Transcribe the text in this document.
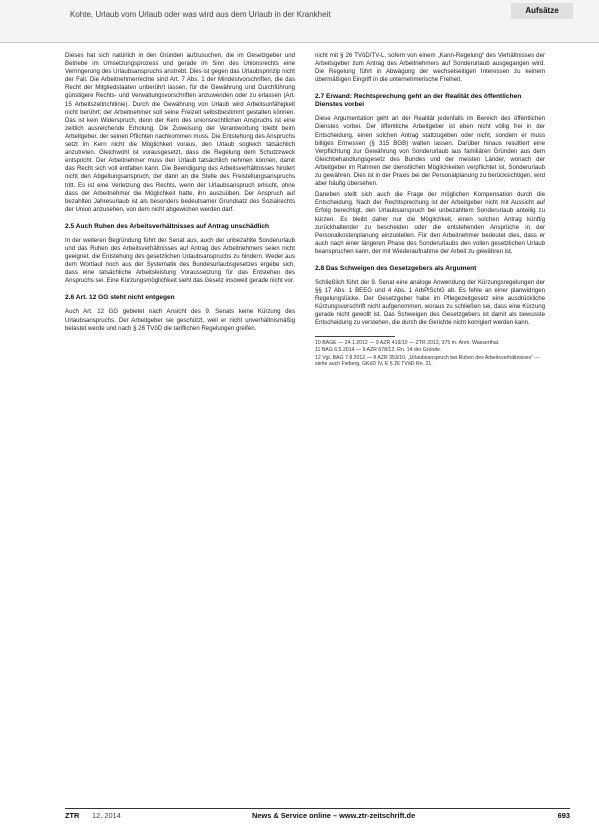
Kohte, Urlaub vom Urlaub oder was wird aus dem Urlaub in der Krankheit	Aufsätze

Dieses hat sich natürlich in den Gründen aufzusuchen, die im Gesetzgeber und Betriebe im Umsetzungsprozess und gerade im Sinn des Unionsrechts eine Verringerung des Urlaubsanspruchs anstrebt. Dies ist gegen das Urlaubsprinzip nicht der Fall. Die Arbeitnehmerrechte sind Art. 7 Abs. 1 der Mindestvorschriften, die das Recht der Mitgliedstaaten unberührt lassen, für die Gewährung und Durchführung günstigere Rechts- und Verwaltungsvorschriften anzuwenden oder zu erlassen (Art. 15 Arbeitszeitrichtlinie). Durch die Gewährung von Urlaub wird Arbeitsunfähigkeit nicht berührt; der Arbeitnehmer soll seine Freizeit selbstbestimmt gestalten können. Das ist kein Widerspruch, denn der Kern des unionsrechtlichen Anspruchs ist eine zeitlich ausreichende Erholung. Die Zuweisung der Verantwortung bleibt beim Arbeitgeber, der seinen Pflichten nachkommen muss. Die Entstehung des Anspruchs setzt im Kern nicht die Möglichkeit voraus, den Urlaub sogleich tatsächlich anzutreten. Gleichwohl ist vorausgesetzt, dass die Regelung dem Schutzzweck entspricht. Der Arbeitnehmer muss den Urlaub tatsächlich nehmen können, damit das Recht sich voll entfalten kann. Die Beendigung des Arbeitsverhältnisses hindert nicht den Abgeltungsanspruch, der dann an die Stelle des Freistellungsanspruchs tritt. Es ist eine Verletzung des Rechts, wenn der Urlaubsanspruch erlischt, ohne dass der Arbeitnehmer die Möglichkeit hatte, ihn auszuüben. Der Anspruch auf bezahlten Jahresurlaub ist als besonders bedeutsamer Grundsatz des Sozialrechts der Union anzusehen, von dem nicht abgewichen werden darf.

2.5 Auch Ruhen des Arbeitsverhältnisses auf Antrag unschädlich

In der weiteren Begründung führt der Senat aus, auch der unbezahlte Sonderurlaub und das Ruhen des Arbeitsverhältnisses auf Antrag des Arbeitnehmers seien nicht geeignet, die Entstehung des gesetzlichen Urlaubsanspruchs zu hindern. Weder aus dem Wortlaut noch aus der Systematik des Bundesurlaubsgesetzes ergebe sich, dass eine tatsächliche Arbeitsleistung Voraussetzung für das Entstehen des Anspruchs sei. Eine Kürzungsmöglichkeit sieht das Gesetz insoweit gerade nicht vor.

2.6 Art. 12 GG steht nicht entgegen

Auch Art. 12 GG gebietet nach Ansicht des 9. Senats keine Kürzung des Urlaubsanspruchs. Der Arbeitgeber sei geschützt, weil er nicht unverhältnismäßig belastet werde und nach § 26 TVöD die tariflichen Regelungen greifen.

nicht mit § 26 TVöD/TV-L, sofern von einem „Kann-Regelung“ des Verhältnisses der Arbeitsgeber zum Antrag des Arbeitnehmers auf Sonderurlaub ausgegangen wird. Die Regelung führt in Abwägung der wechselseitigen Interessen zu keinem übermäßigen Eingriff in die unternehmerische Freiheit.

2.7 Erwand: Rechtsprechung geht an der Realität des öffentlichen Dienstes vorbei

Diese Argumentation geht an der Realität jedenfalls im Bereich des öffentlichen Dienstes vorbei. Der öffentliche Arbeitgeber ist eben nicht völlig frei in der Entscheidung, einen solchen Antrag stattzugeben oder nicht, sondern er muss billiges Ermessen (§ 315 BGB) walten lassen. Darüber hinaus resultiert eine Verpflichtung zur Gewährung von Sonderurlaub aus familiären Gründen aus dem Gleichbehandlungsgesetz des Bundes und der meisten Länder, wonach der Arbeitgeber im Rahmen der dienstlichen Möglichkeiten verpflichtet ist, Sonderurlaub zu gewähren. Dies ist in der Praxis bei der Personalplanung zu berücksichtigen, wird aber häufig übersehen.

Daneben stellt sich auch die Frage der möglichen Kompensation durch die Entscheidung. Nach der Rechtsprechung ist der Arbeitgeber nicht mit Aussicht auf Erfolg berechtigt, den Urlaubsanspruch bei unbezahltem Sonderurlaub anteilig zu kürzen. Es bleibt daher nur die Möglichkeit, einen solchen Antrag künftig zurückhaltender zu bescheiden oder die entstehenden Ansprüche in der Personalkostenplanung einzustellen. Für den Arbeitnehmer bedeutet dies, dass er auch nach einer längeren Phase des Sonderurlaubs den vollen gesetzlichen Urlaub beanspruchen kann, der mit Wiederaufnahme der Arbeit zu gewähren ist.

2.8 Das Schweigen des Gesetzgebers als Argument

Schließlich führt der 9. Senat eine analoge Anwendung der Kürzungsregelungen der §§ 17 Abs. 1 BEEG und 4 Abs. 1 ArbPlSchG ab. Es fehle an einer planwidrigen Regelungslücke. Der Gesetzgeber habe im Pflegezeitgesetz eine ausdrückliche Kürzungsvorschrift nicht aufgenommen, woraus zu schließen sei, dass eine Kürzung gerade nicht gewollt ist. Das Schweigen des Gesetzgebers ist damit als bewusste Entscheidung zu verstehen, die durch die Gerichte nicht korrigiert werden kann.

10 BAGE — 24.1.2012 — 9 AZR 419/10 — ZTR 2012, 375 m. Anm. Wasserthal.

11 BAG 6.5.2014 — 9 AZR 678/12, Rn. 14 der Gründe.

12 Vgl. BAG 7.8.2012 — 9 AZR 353/10, „Urlaubsanspruch bei Ruhen des Arbeitsverhältnisses“ — siehe auch Fieberg, GKöD IV, E § 26 TVöD Rn. 21.

ZTR 12. 2014	News & Service online – www.ztr-zeitschrift.de	693
